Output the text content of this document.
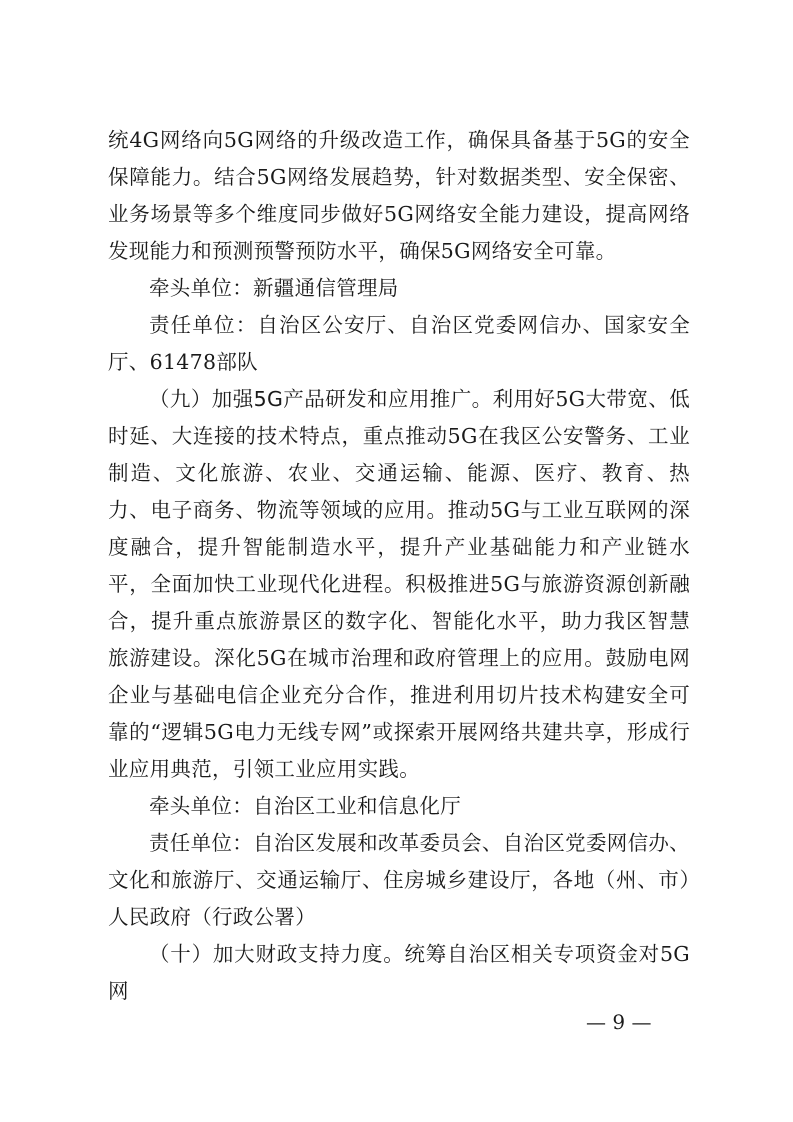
统4G网络向5G网络的升级改造工作，确保具备基于5G的安全保障能力。结合5G网络发展趋势，针对数据类型、安全保密、业务场景等多个维度同步做好5G网络安全能力建设，提高网络发现能力和预测预警预防水平，确保5G网络安全可靠。

牵头单位：新疆通信管理局

责任单位：自治区公安厅、自治区党委网信办、国家安全厅、61478部队

（九）加强5G产品研发和应用推广。利用好5G大带宽、低时延、大连接的技术特点，重点推动5G在我区公安警务、工业制造、文化旅游、农业、交通运输、能源、医疗、教育、热力、电子商务、物流等领域的应用。推动5G与工业互联网的深度融合，提升智能制造水平，提升产业基础能力和产业链水平，全面加快工业现代化进程。积极推进5G与旅游资源创新融合，提升重点旅游景区的数字化、智能化水平，助力我区智慧旅游建设。深化5G在城市治理和政府管理上的应用。鼓励电网企业与基础电信企业充分合作，推进利用切片技术构建安全可靠的“逻辑5G电力无线专网”或探索开展网络共建共享，形成行业应用典范，引领工业应用实践。

牵头单位：自治区工业和信息化厅

责任单位：自治区发展和改革委员会、自治区党委网信办、文化和旅游厅、交通运输厅、住房城乡建设厅，各地（州、市）人民政府（行政公署）

（十）加大财政支持力度。统筹自治区相关专项资金对5G网

— 9 —
